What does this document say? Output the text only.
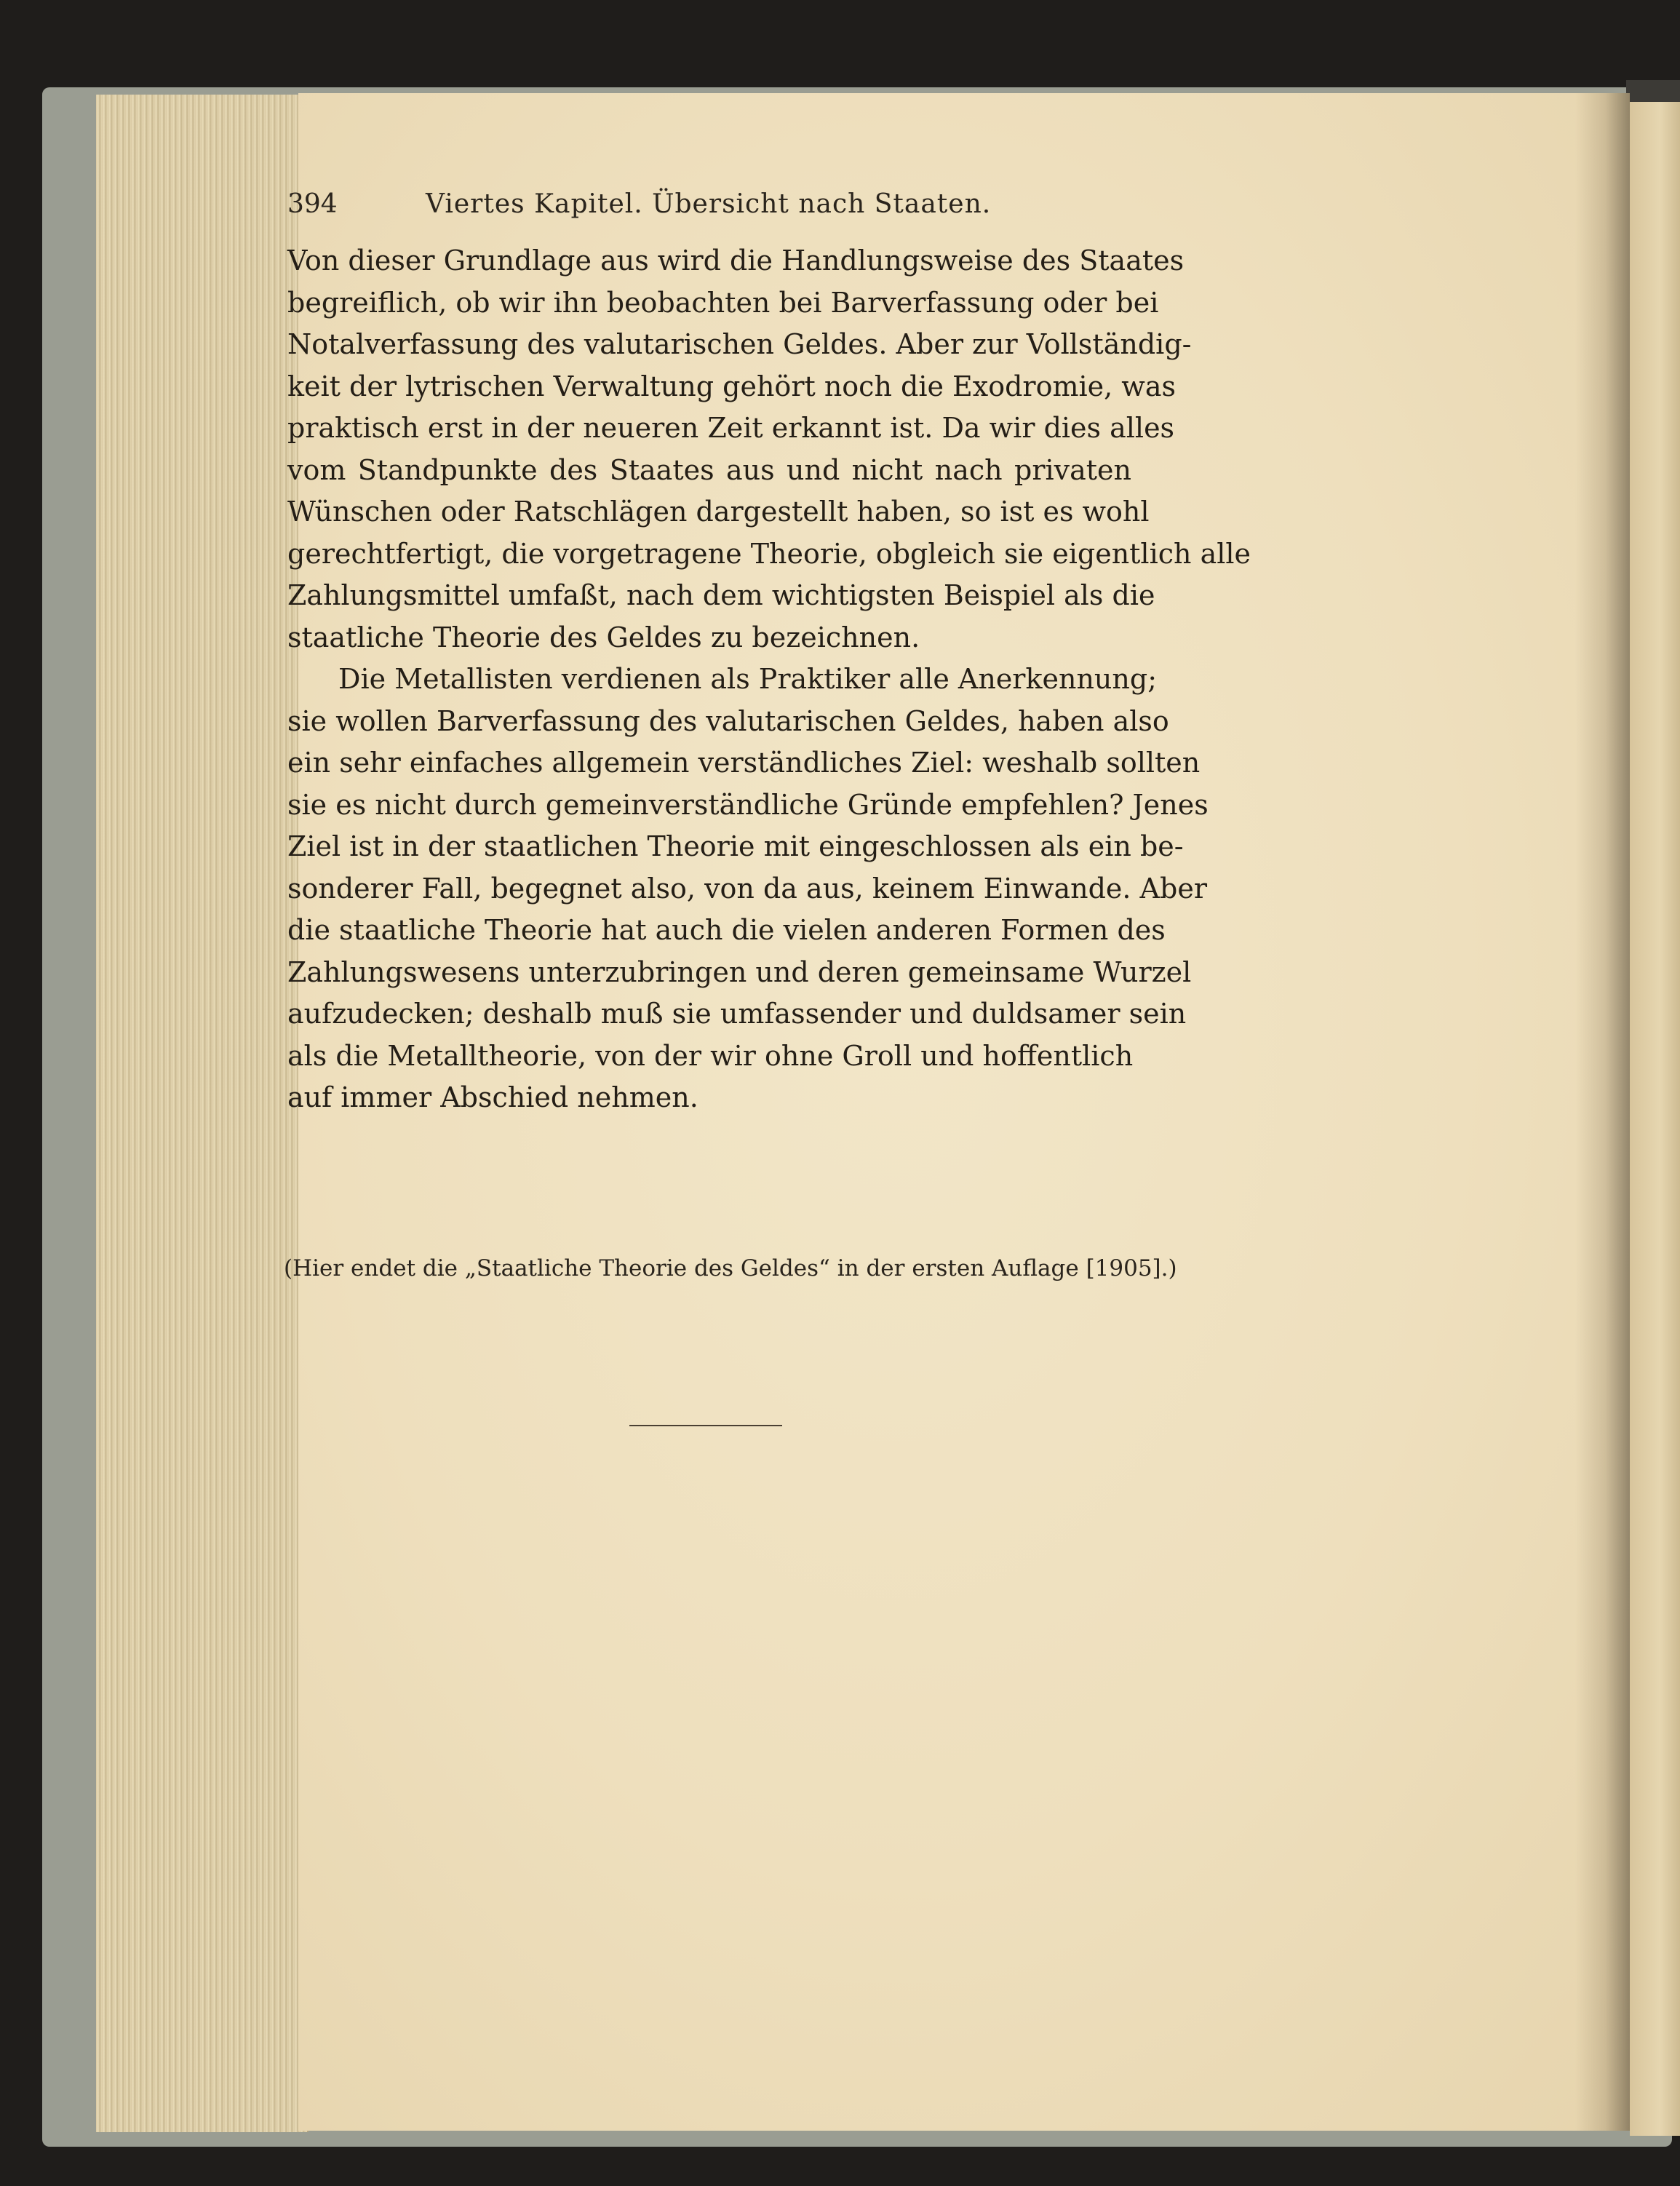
394	Viertes Kapitel. Übersicht nach Staaten.
Von dieser Grundlage aus wird die Handlungsweise des Staates
begreiflich, ob wir ihn beobachten bei Barverfassung oder bei
Notalverfassung des valutarischen Geldes. Aber zur Vollständig-
keit der lytrischen Verwaltung gehört noch die Exodromie, was
praktisch erst in der neueren Zeit erkannt ist. Da wir dies alles
vom Standpunkte des Staates aus und nicht nach privaten
Wünschen oder Ratschlägen dargestellt haben, so ist es wohl
gerechtfertigt, die vorgetragene Theorie, obgleich sie eigentlich alle
Zahlungsmittel umfaßt, nach dem wichtigsten Beispiel als die
staatliche Theorie des Geldes zu bezeichnen.
Die Metallisten verdienen als Praktiker alle Anerkennung;
sie wollen Barverfassung des valutarischen Geldes, haben also
ein sehr einfaches allgemein verständliches Ziel: weshalb sollten
sie es nicht durch gemeinverständliche Gründe empfehlen? Jenes
Ziel ist in der staatlichen Theorie mit eingeschlossen als ein be-
sonderer Fall, begegnet also, von da aus, keinem Einwande. Aber
die staatliche Theorie hat auch die vielen anderen Formen des
Zahlungswesens unterzubringen und deren gemeinsame Wurzel
aufzudecken; deshalb muß sie umfassender und duldsamer sein
als die Metalltheorie, von der wir ohne Groll und hoffentlich
auf immer Abschied nehmen.
(Hier endet die „Staatliche Theorie des Geldes“ in der ersten Auflage [1905].)
